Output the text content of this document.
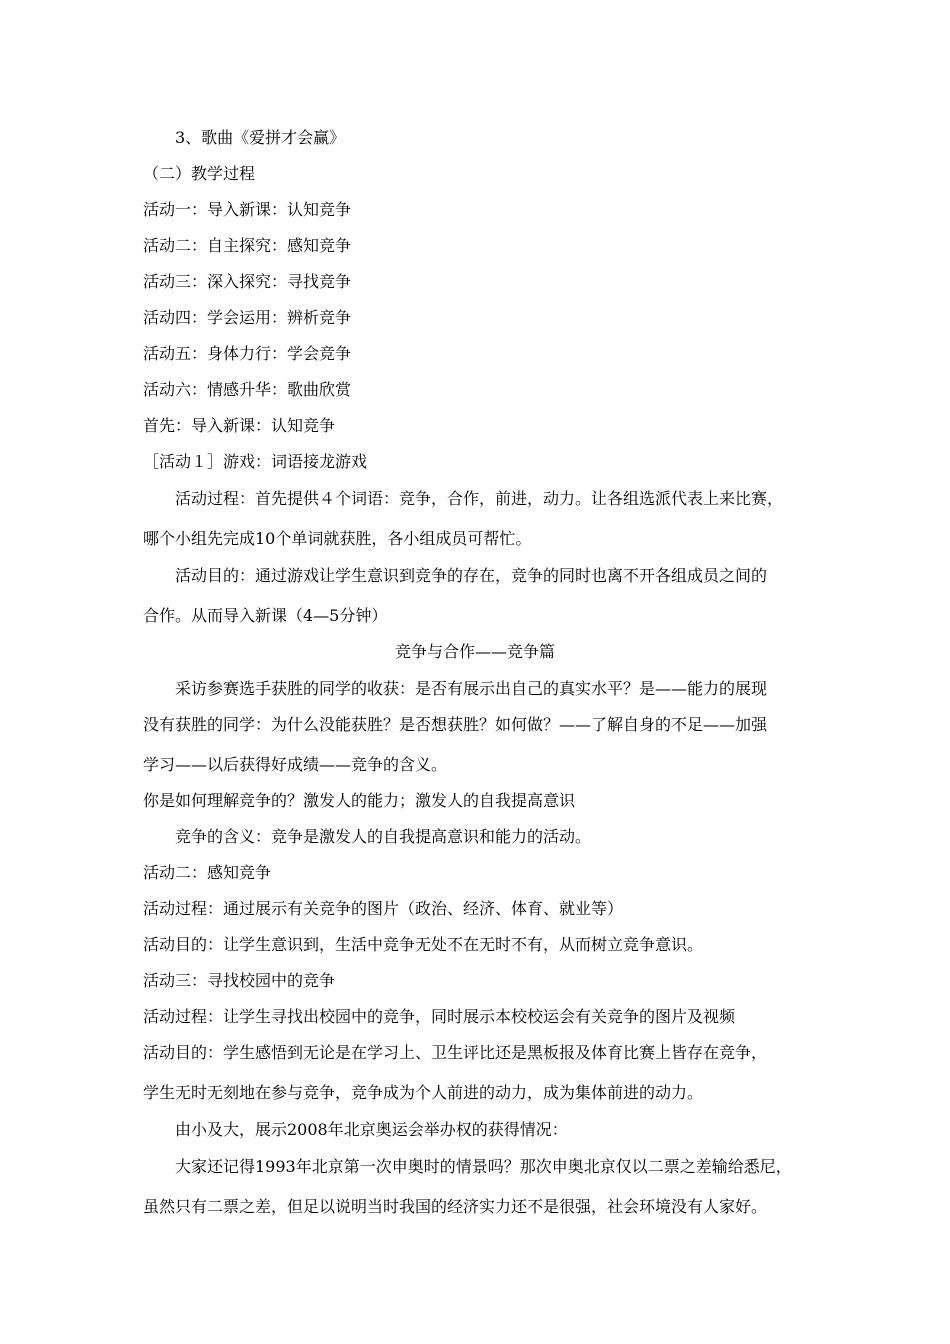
3、歌曲《爱拼才会赢》
（二）教学过程
活动一：导入新课：认知竞争
活动二：自主探究：感知竞争
活动三：深入探究：寻找竞争
活动四：学会运用：辨析竞争
活动五：身体力行：学会竞争
活动六：情感升华：歌曲欣赏
首先：导入新课：认知竞争
［活动１］游戏：词语接龙游戏
活动过程：首先提供４个词语：竞争，合作，前进，动力。让各组选派代表上来比赛，
哪个小组先完成10个单词就获胜，各小组成员可帮忙。
活动目的：通过游戏让学生意识到竞争的存在，竞争的同时也离不开各组成员之间的
合作。从而导入新课（4—5分钟）
竞争与合作——竞争篇
采访参赛选手获胜的同学的收获：是否有展示出自己的真实水平？是——能力的展现
没有获胜的同学：为什么没能获胜？是否想获胜？如何做？——了解自身的不足——加强
学习——以后获得好成绩——竞争的含义。
你是如何理解竞争的？激发人的能力；激发人的自我提高意识
竞争的含义：竞争是激发人的自我提高意识和能力的活动。
活动二：感知竞争
活动过程：通过展示有关竞争的图片（政治、经济、体育、就业等）
活动目的：让学生意识到，生活中竞争无处不在无时不有，从而树立竞争意识。
活动三：寻找校园中的竞争
活动过程：让学生寻找出校园中的竞争，同时展示本校校运会有关竞争的图片及视频
活动目的：学生感悟到无论是在学习上、卫生评比还是黑板报及体育比赛上皆存在竞争，
学生无时无刻地在参与竞争，竞争成为个人前进的动力，成为集体前进的动力。
由小及大，展示2008年北京奥运会举办权的获得情况：
大家还记得1993年北京第一次申奥时的情景吗？那次申奥北京仅以二票之差输给悉尼，
虽然只有二票之差，但足以说明当时我国的经济实力还不是很强，社会环境没有人家好。
